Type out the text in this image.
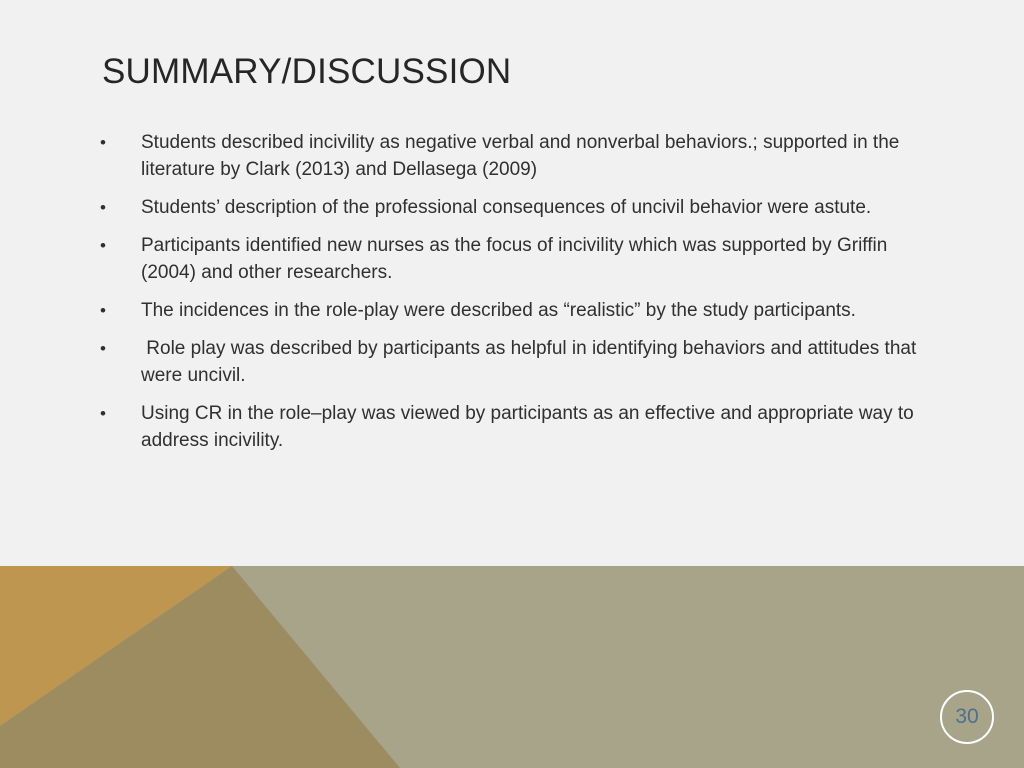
SUMMARY/DISCUSSION
•	Students described incivility as negative verbal and nonverbal behaviors.; supported in the literature by Clark (2013) and Dellasega (2009)
•	Students’ description of the professional consequences of uncivil behavior were astute.
•	Participants identified new nurses as the focus of incivility which was supported by Griffin (2004) and other researchers.
•	The incidences in the role-play were described as “realistic” by the study participants.
•	Role play was described by participants as helpful in identifying behaviors and attitudes that were uncivil.
•	Using CR in the role–play was viewed by participants as an effective and appropriate way to address incivility.
30
